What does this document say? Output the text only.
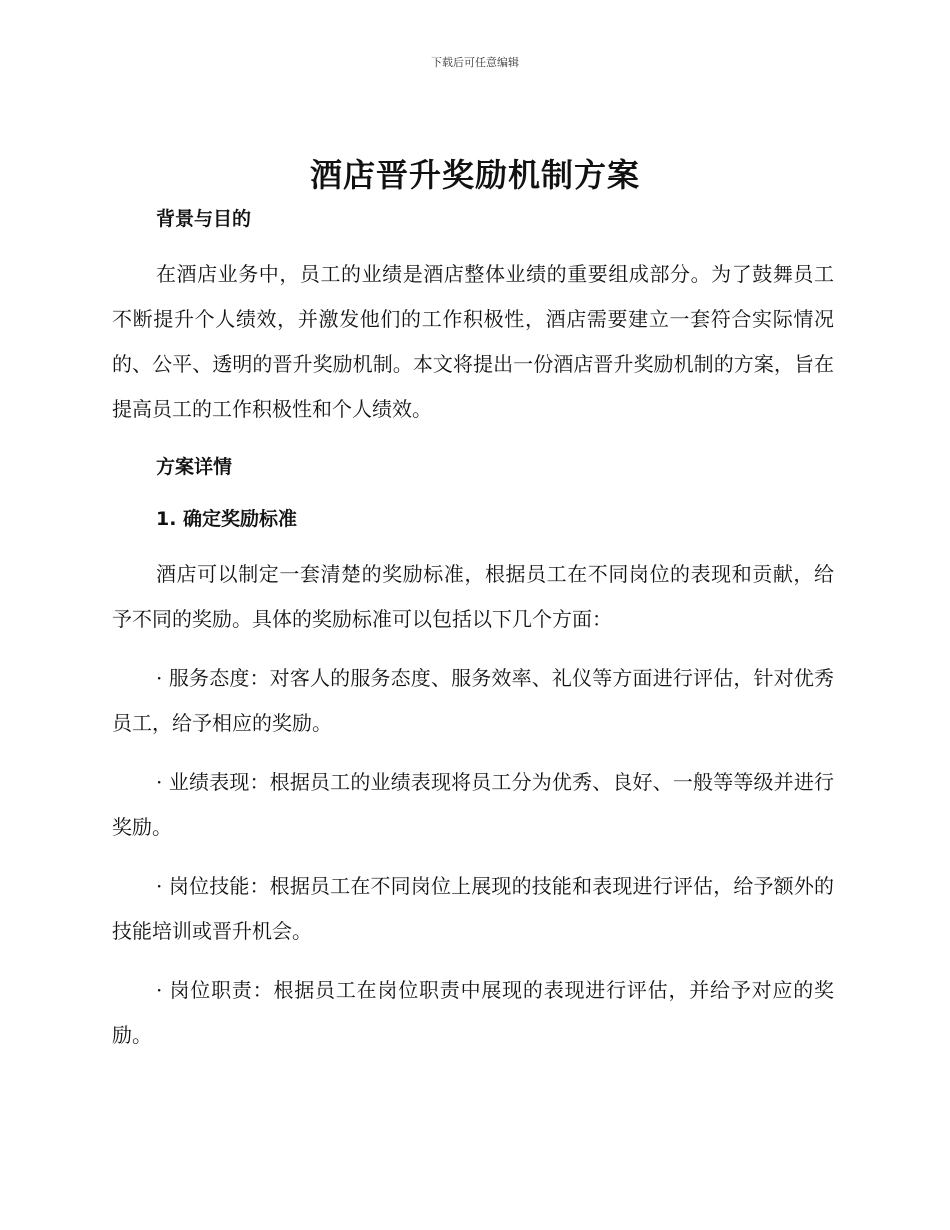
下载后可任意编辑
酒店晋升奖励机制方案

背景与目的

在酒店业务中，员工的业绩是酒店整体业绩的重要组成部分。为了鼓舞员工不断提升个人绩效，并激发他们的工作积极性，酒店需要建立一套符合实际情况的、公平、透明的晋升奖励机制。本文将提出一份酒店晋升奖励机制的方案，旨在提高员工的工作积极性和个人绩效。

方案详情

1. 确定奖励标准

酒店可以制定一套清楚的奖励标准，根据员工在不同岗位的表现和贡献，给予不同的奖励。具体的奖励标准可以包括以下几个方面：

· 服务态度：对客人的服务态度、服务效率、礼仪等方面进行评估，针对优秀员工，给予相应的奖励。

· 业绩表现：根据员工的业绩表现将员工分为优秀、良好、一般等等级并进行奖励。

· 岗位技能：根据员工在不同岗位上展现的技能和表现进行评估，给予额外的技能培训或晋升机会。

· 岗位职责：根据员工在岗位职责中展现的表现进行评估，并给予对应的奖励。
